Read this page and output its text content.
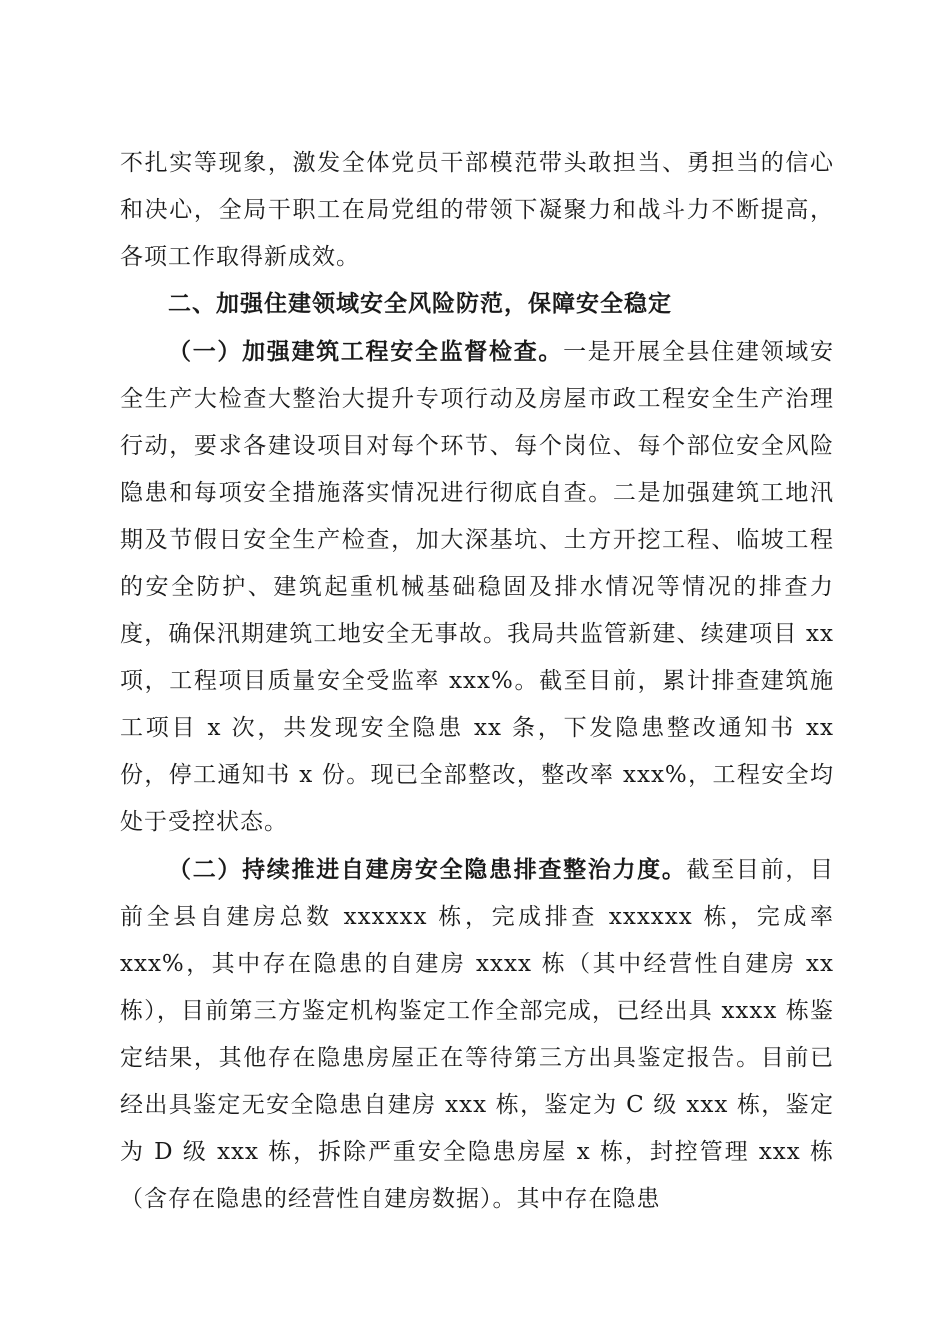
不扎实等现象，激发全体党员干部模范带头敢担当、勇担当的信心和决心，全局干职工在局党组的带领下凝聚力和战斗力不断提高，各项工作取得新成效。

二、加强住建领域安全风险防范，保障安全稳定

（一）加强建筑工程安全监督检查。一是开展全县住建领域安全生产大检查大整治大提升专项行动及房屋市政工程安全生产治理行动，要求各建设项目对每个环节、每个岗位、每个部位安全风险隐患和每项安全措施落实情况进行彻底自查。二是加强建筑工地汛期及节假日安全生产检查，加大深基坑、土方开挖工程、临坡工程的安全防护、建筑起重机械基础稳固及排水情况等情况的排查力度，确保汛期建筑工地安全无事故。我局共监管新建、续建项目 xx 项，工程项目质量安全受监率 xxx%。截至目前，累计排查建筑施工项目 x 次，共发现安全隐患 xx 条，下发隐患整改通知书 xx 份，停工通知书 x 份。现已全部整改，整改率 xxx%，工程安全均处于受控状态。

（二）持续推进自建房安全隐患排查整治力度。截至目前，目前全县自建房总数 xxxxxx 栋，完成排查 xxxxxx 栋，完成率 xxx%，其中存在隐患的自建房 xxxx 栋（其中经营性自建房 xx 栋），目前第三方鉴定机构鉴定工作全部完成，已经出具 xxxx 栋鉴定结果，其他存在隐患房屋正在等待第三方出具鉴定报告。目前已经出具鉴定无安全隐患自建房 xxx 栋，鉴定为 C 级 xxx 栋，鉴定为 D 级 xxx 栋，拆除严重安全隐患房屋 x 栋，封控管理 xxx 栋（含存在隐患的经营性自建房数据）。其中存在隐患
